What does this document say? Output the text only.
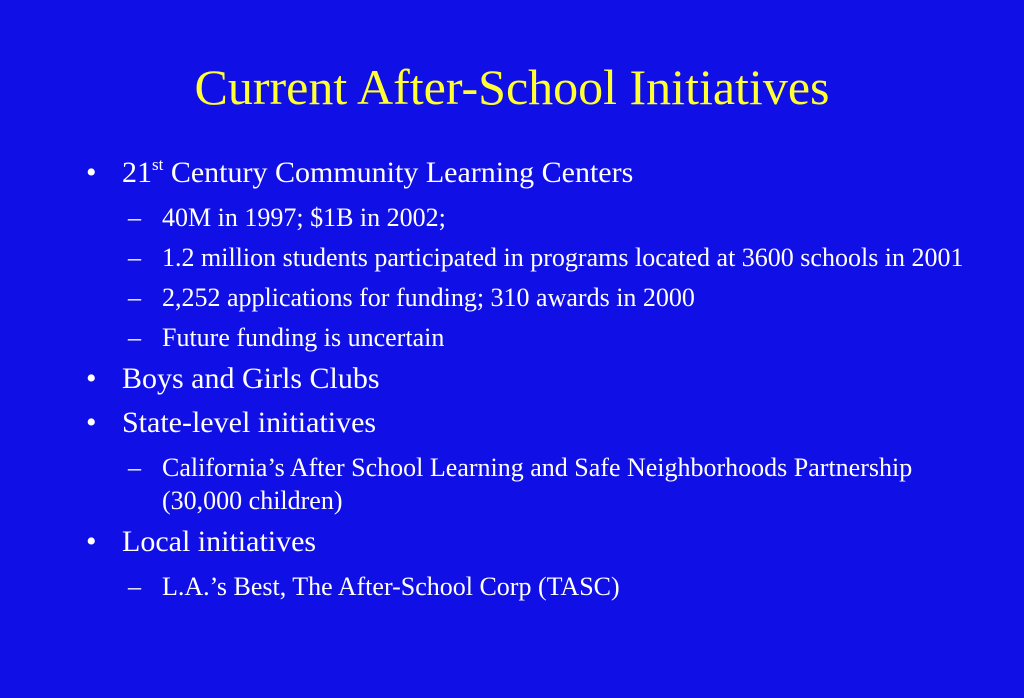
Current After-School Initiatives
• 21st Century Community Learning Centers
– 40M in 1997; $1B in 2002;
– 1.2 million students participated in programs located at 3600 schools in 2001
– 2,252 applications for funding; 310 awards in 2000
– Future funding is uncertain
• Boys and Girls Clubs
• State-level initiatives
– California’s After School Learning and Safe Neighborhoods Partnership (30,000 children)
• Local initiatives
– L.A.’s Best, The After-School Corp (TASC)
